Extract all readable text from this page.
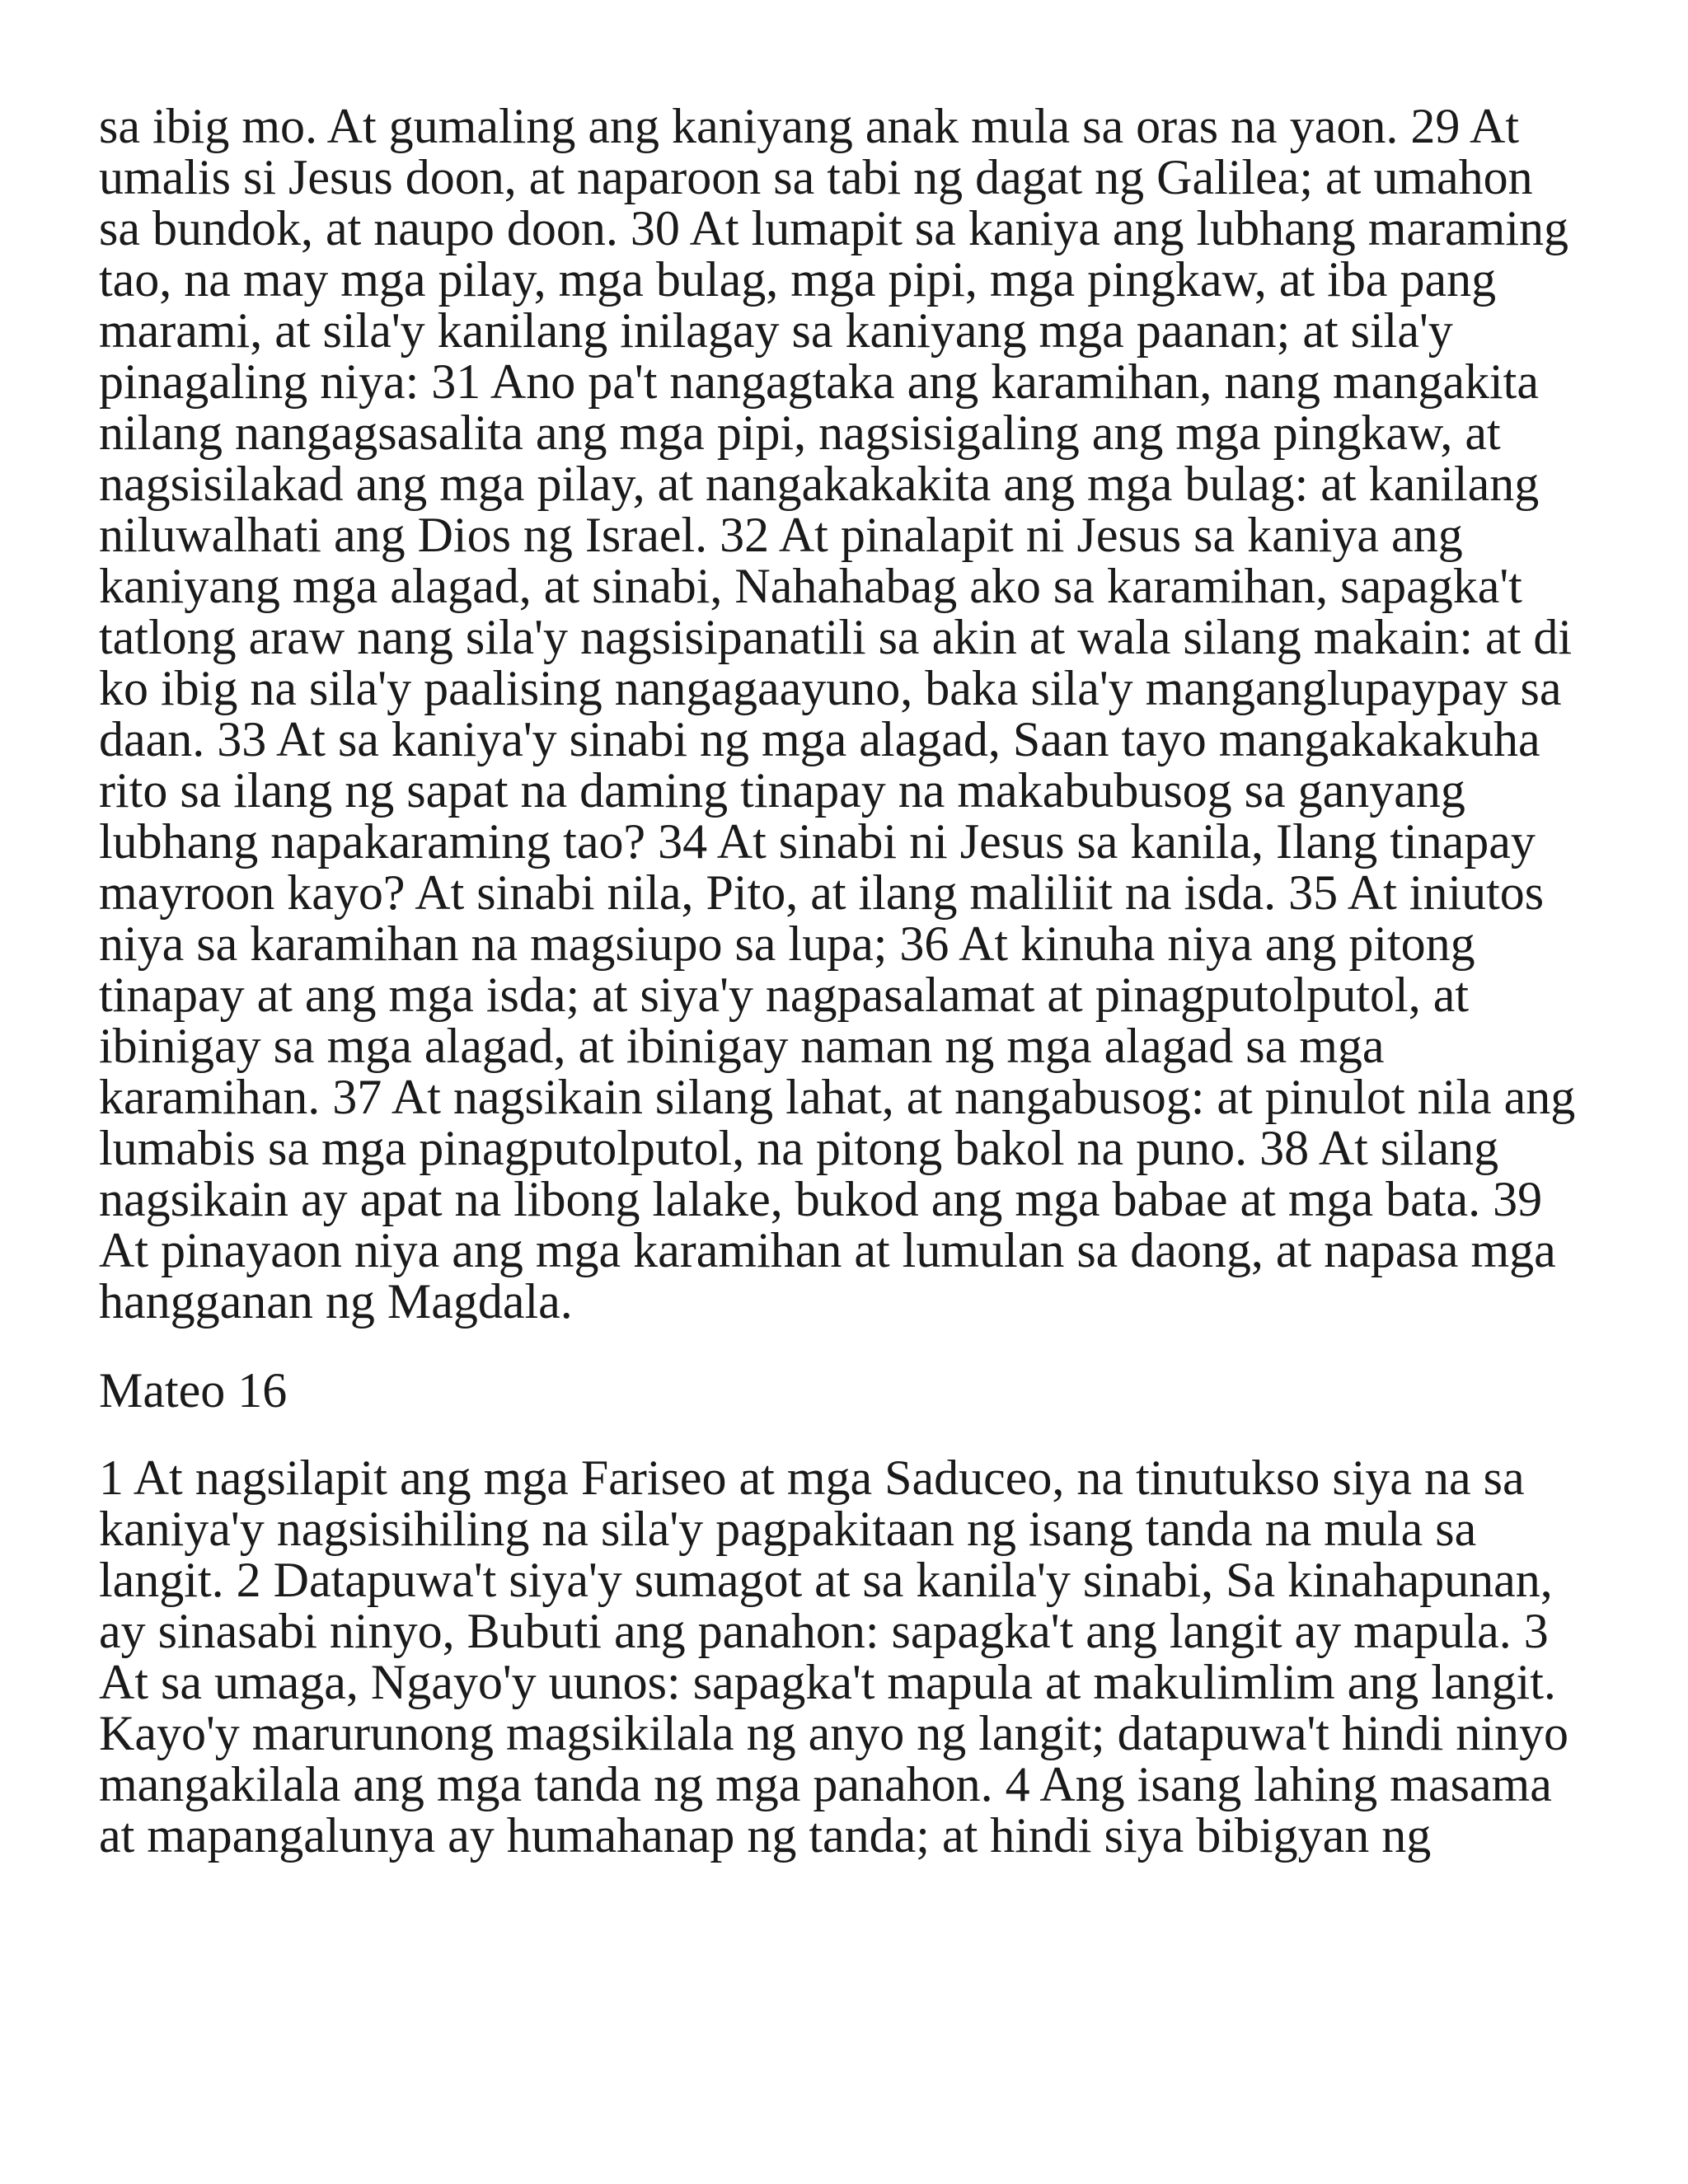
sa ibig mo. At gumaling ang kaniyang anak mula sa oras na yaon. 29 At

umalis si Jesus doon, at naparoon sa tabi ng dagat ng Galilea; at umahon

sa bundok, at naupo doon. 30 At lumapit sa kaniya ang lubhang maraming

tao, na may mga pilay, mga bulag, mga pipi, mga pingkaw, at iba pang

marami, at sila'y kanilang inilagay sa kaniyang mga paanan; at sila'y

pinagaling niya: 31 Ano pa't nangagtaka ang karamihan, nang mangakita

nilang nangagsasalita ang mga pipi, nagsisigaling ang mga pingkaw, at

nagsisilakad ang mga pilay, at nangakakakita ang mga bulag: at kanilang

niluwalhati ang Dios ng Israel. 32 At pinalapit ni Jesus sa kaniya ang

kaniyang mga alagad, at sinabi, Nahahabag ako sa karamihan, sapagka't

tatlong araw nang sila'y nagsisipanatili sa akin at wala silang makain: at di

ko ibig na sila'y paalising nangagaayuno, baka sila'y manganglupaypay sa

daan. 33 At sa kaniya'y sinabi ng mga alagad, Saan tayo mangakakakuha

rito sa ilang ng sapat na daming tinapay na makabubusog sa ganyang

lubhang napakaraming tao? 34 At sinabi ni Jesus sa kanila, Ilang tinapay

mayroon kayo? At sinabi nila, Pito, at ilang maliliit na isda. 35 At iniutos

niya sa karamihan na magsiupo sa lupa; 36 At kinuha niya ang pitong

tinapay at ang mga isda; at siya'y nagpasalamat at pinagputolputol, at

ibinigay sa mga alagad, at ibinigay naman ng mga alagad sa mga

karamihan. 37 At nagsikain silang lahat, at nangabusog: at pinulot nila ang

lumabis sa mga pinagputolputol, na pitong bakol na puno. 38 At silang

nagsikain ay apat na libong lalake, bukod ang mga babae at mga bata. 39

At pinayaon niya ang mga karamihan at lumulan sa daong, at napasa mga

hangganan ng Magdala.

Mateo 16

1 At nagsilapit ang mga Fariseo at mga Saduceo, na tinutukso siya na sa

kaniya'y nagsisihiling na sila'y pagpakitaan ng isang tanda na mula sa

langit. 2 Datapuwa't siya'y sumagot at sa kanila'y sinabi, Sa kinahapunan,

ay sinasabi ninyo, Bubuti ang panahon: sapagka't ang langit ay mapula. 3

At sa umaga, Ngayo'y uunos: sapagka't mapula at makulimlim ang langit.

Kayo'y marurunong magsikilala ng anyo ng langit; datapuwa't hindi ninyo

mangakilala ang mga tanda ng mga panahon. 4 Ang isang lahing masama

at mapangalunya ay humahanap ng tanda; at hindi siya bibigyan ng
